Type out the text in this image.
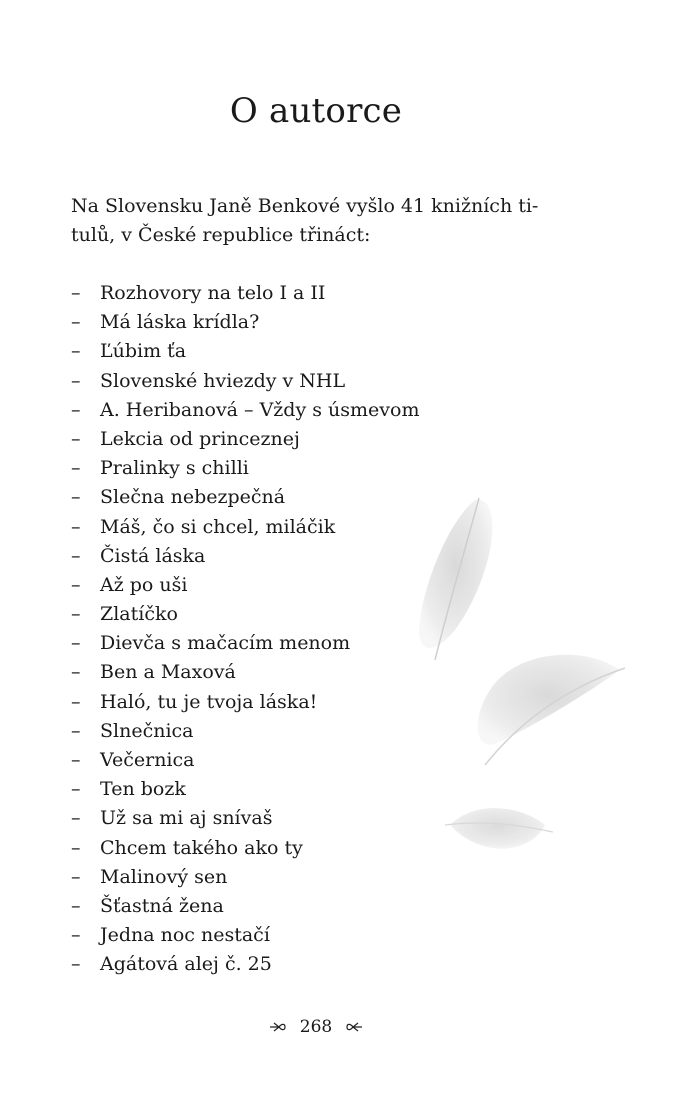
O autorce
Na Slovensku Janě Benkové vyšlo 41 knižních ti-
tulů, v České republice třináct:
– Rozhovory na telo I a II
– Má láska krídla?
– Ľúbim ťa
– Slovenské hviezdy v NHL
– A. Heribanová – Vždy s úsmevom
– Lekcia od princeznej
– Pralinky s chilli
– Slečna nebezpečná
– Máš, čo si chcel, miláčik
– Čistá láska
– Až po uši
– Zlatíčko
– Dievča s mačacím menom
– Ben a Maxová
– Haló, tu je tvoja láska!
– Slnečnica
– Večernica
– Ten bozk
– Už sa mi aj snívaš
– Chcem takého ako ty
– Malinový sen
– Šťastná žena
– Jedna noc nestačí
– Agátová alej č. 25
268
